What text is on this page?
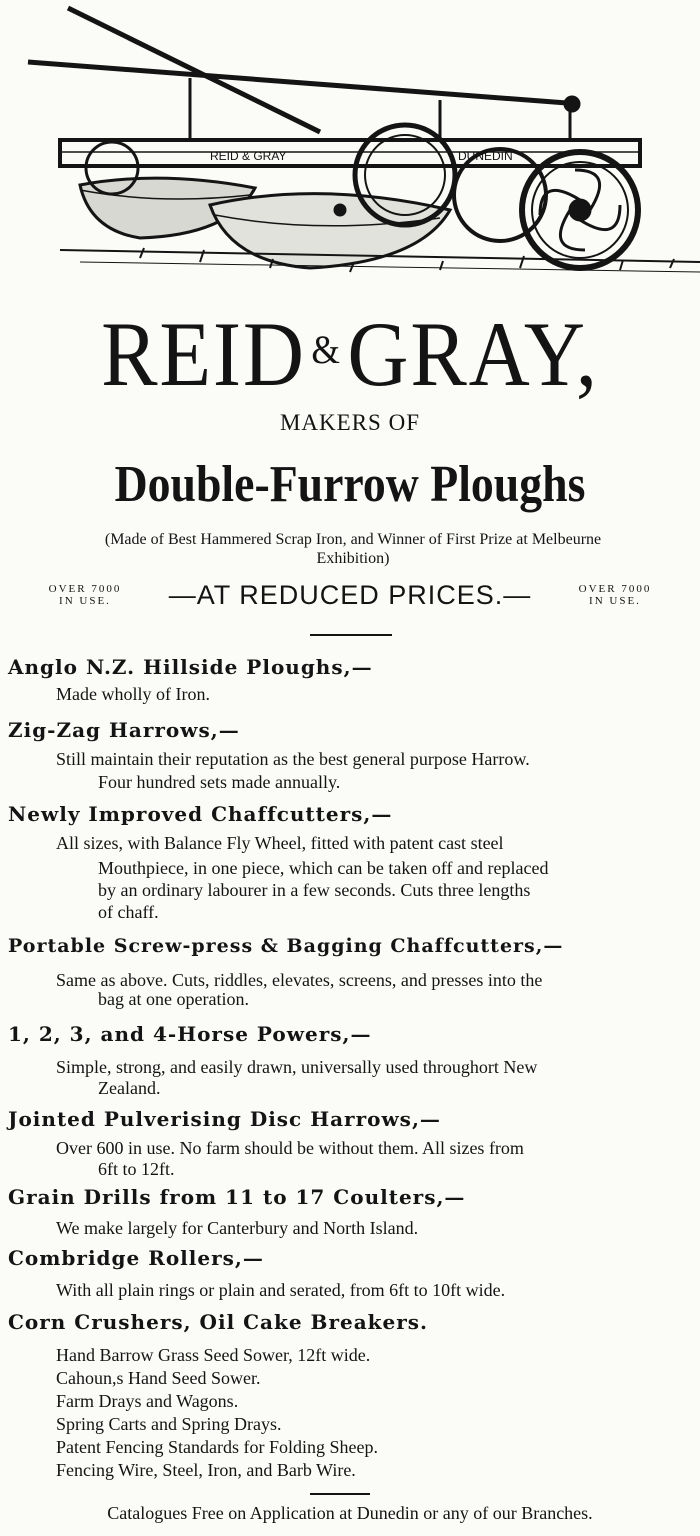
REID & GRAY	DUNEDIN
REID &GRAY,
MAKERS OF
Double-Furrow Ploughs
(Made of Best Hammered Scrap Iron, and Winner of First Prize at Melbeurne
Exhibition)
OVER 7000
IN USE.	—AT REDUCED PRICES.—	OVER 7000
IN USE.
Anglo N.Z. Hillside Ploughs,—
Made wholly of Iron.
Zig-Zag Harrows,—
Still maintain their reputation as the best general purpose Harrow.
Four hundred sets made annually.
Newly Improved Chaffcutters,—
All sizes, with Balance Fly Wheel, fitted with patent cast steel
Mouthpiece, in one piece, which can be taken off and replaced
by an ordinary labourer in a few seconds. Cuts three lengths
of chaff.
Portable Screw-press & Bagging Chaffcutters,—
Same as above. Cuts, riddles, elevates, screens, and presses into the
bag at one operation.
1, 2, 3, and 4-Horse Powers,—
Simple, strong, and easily drawn, universally used throughort New
Zealand.
Jointed Pulverising Disc Harrows,—
Over 600 in use. No farm should be without them. All sizes from
6ft to 12ft.
Grain Drills from 11 to 17 Coulters,—
We make largely for Canterbury and North Island.
Combridge Rollers,—
With all plain rings or plain and serated, from 6ft to 10ft wide.
Corn Crushers, Oil Cake Breakers.
Hand Barrow Grass Seed Sower, 12ft wide.
Cahoun,s Hand Seed Sower.
Farm Drays and Wagons.
Spring Carts and Spring Drays.
Patent Fencing Standards for Folding Sheep.
Fencing Wire, Steel, Iron, and Barb Wire.
Catalogues Free on Application at Dunedin or any of our Branches.
